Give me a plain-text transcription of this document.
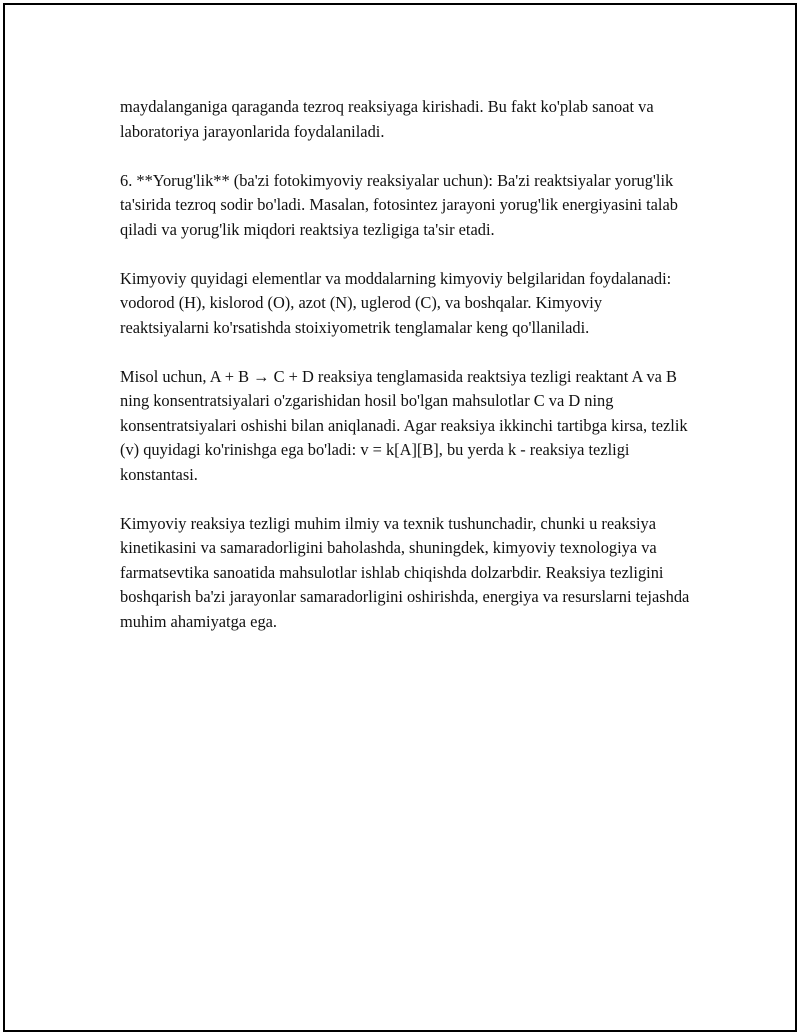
maydalanganiga qaraganda tezroq reaksiyaga kirishadi. Bu fakt ko'plab sanoat va laboratoriya jarayonlarida foydalaniladi.

6. **Yorug'lik** (ba'zi fotokimyoviy reaksiyalar uchun): Ba'zi reaktsiyalar yorug'lik ta'sirida tezroq sodir bo'ladi. Masalan, fotosintez jarayoni yorug'lik energiyasini talab qiladi va yorug'lik miqdori reaktsiya tezligiga ta'sir etadi.

Kimyoviy quyidagi elementlar va moddalarning kimyoviy belgilaridan foydalanadi: vodorod (H), kislorod (O), azot (N), uglerod (C), va boshqalar. Kimyoviy reaktsiyalarni ko'rsatishda stoixiyometrik tenglamalar keng qo'llaniladi.

Misol uchun, A + B → C + D reaksiya tenglamasida reaktsiya tezligi reaktant A va B ning konsentratsiyalari o'zgarishidan hosil bo'lgan mahsulotlar C va D ning konsentratsiyalari oshishi bilan aniqlanadi. Agar reaksiya ikkinchi tartibga kirsa, tezlik (v) quyidagi ko'rinishga ega bo'ladi: v = k[A][B], bu yerda k - reaksiya tezligi konstantasi.

Kimyoviy reaksiya tezligi muhim ilmiy va texnik tushunchadir, chunki u reaksiya kinetikasini va samaradorligini baholashda, shuningdek, kimyoviy texnologiya va farmatsevtika sanoatida mahsulotlar ishlab chiqishda dolzarbdir. Reaksiya tezligini boshqarish ba'zi jarayonlar samaradorligini oshirishda, energiya va resurslarni tejashda muhim ahamiyatga ega.
